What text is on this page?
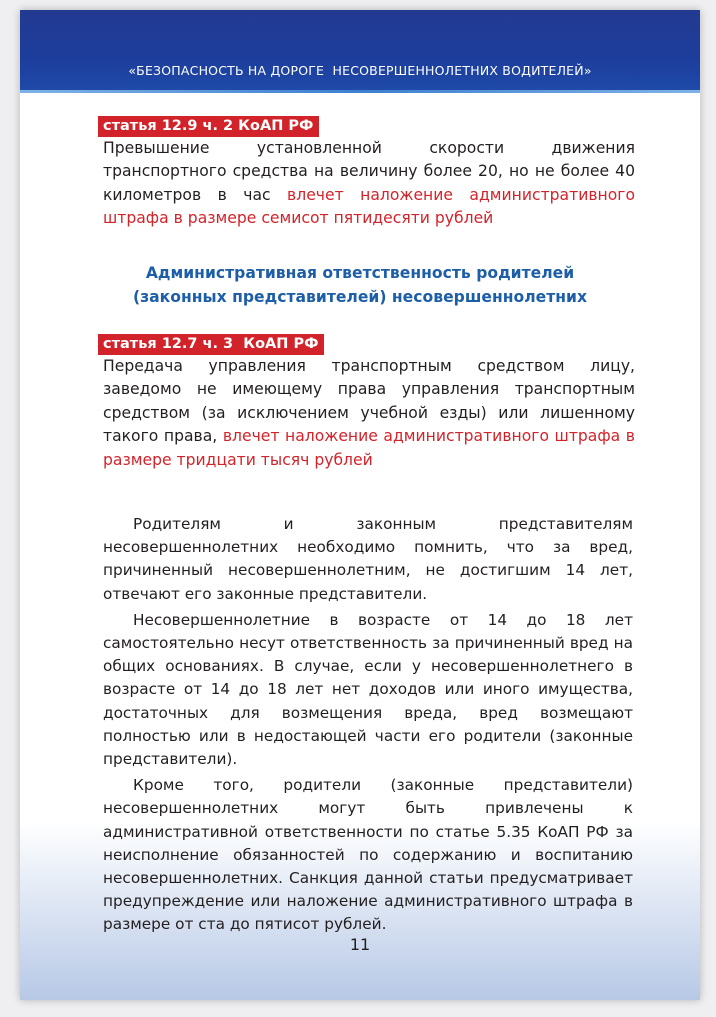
«БЕЗОПАСНОСТЬ НА ДОРОГЕ  НЕСОВЕРШЕННОЛЕТНИХ ВОДИТЕЛЕЙ»
статья 12.9 ч. 2 КоАП РФ

Превышение установленной скорости движения транспортного средства на величину более 20, но не более 40 километров в час влечет наложение административного штрафа в размере семисот пятидесяти рублей

Административная ответственность родителей
(законных представителей) несовершеннолетних
статья 12.7 ч. 3  КоАП РФ

Передача управления транспортным средством лицу, заведомо не имеющему права управления транспортным средством (за исключением учебной езды) или лишенному такого права, влечет наложение административного штрафа в размере тридцати тысяч рублей

Родителям и законным представителям несовершеннолетних необходимо помнить, что за вред, причиненный несовершеннолетним, не достигшим 14 лет, отвечают его законные представители.

Несовершеннолетние в возрасте от 14 до 18 лет самостоятельно несут ответственность за причиненный вред на общих основаниях. В случае, если у несовершеннолетнего в возрасте от 14 до 18 лет нет доходов или иного имущества, достаточных для возмещения вреда, вред возмещают полностью или в недостающей части его родители (законные представители).

Кроме того, родители (законные представители) несовершеннолетних могут быть привлечены к административной ответственности по статье 5.35 КоАП РФ за неисполнение обязанностей по содержанию и воспитанию несовершеннолетних. Санкция данной статьи предусматривает предупреждение или наложение административного штрафа в размере от ста до пятисот рублей.

11
